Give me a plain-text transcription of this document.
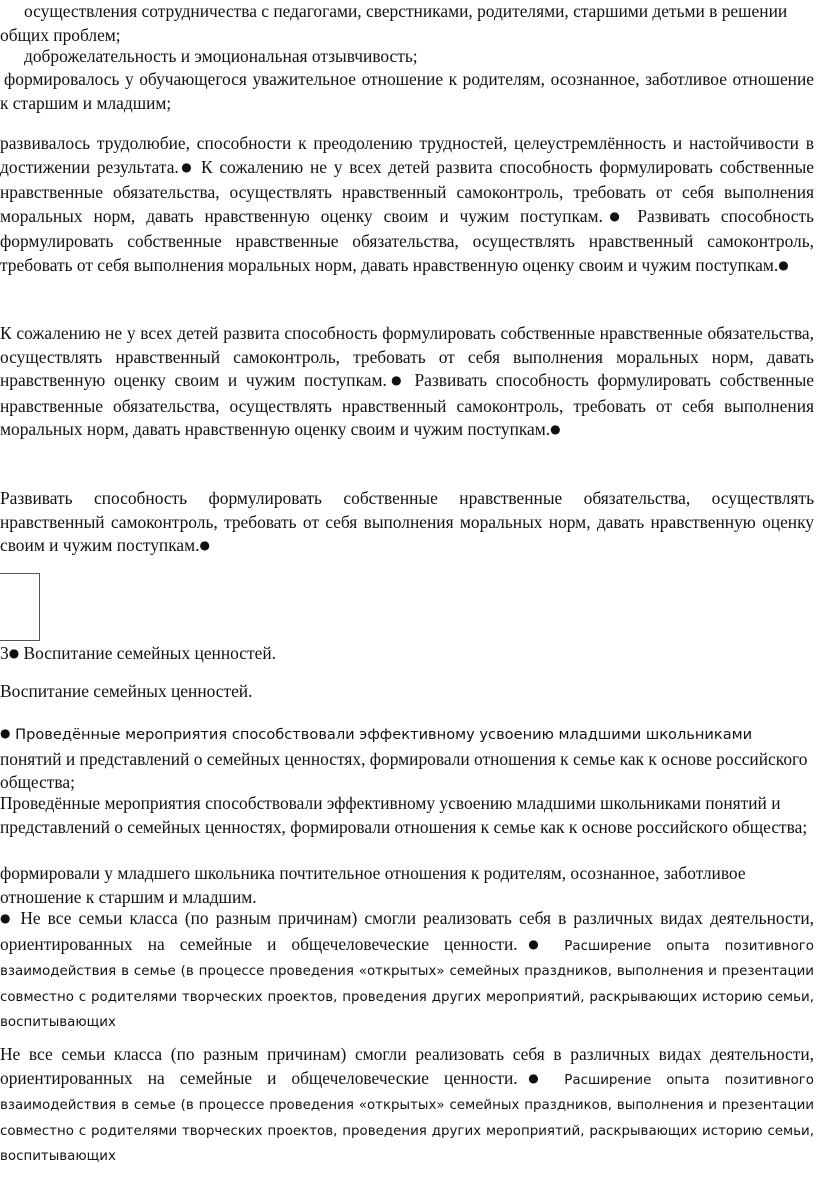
осуществления сотрудничества с педагогами, сверстниками, родителями, старшими детьми в решении общих проблем;

доброжелательность и эмоциональная отзывчивость;

формировалось у обучающегося уважительное отношение к родителям, осознанное, заботливое отношение к старшим и младшим;

развивалось трудолюбие, способности к преодолению трудностей, целеустремлённость и настойчивости в достижении результата.● К сожалению не у всех детей развита способность формулировать собственные нравственные обязательства, осуществлять нравственный самоконтроль, требовать от себя выполнения моральных норм, давать нравственную оценку своим и чужим поступкам.● Развивать способность формулировать собственные нравственные обязательства, осуществлять нравственный самоконтроль, требовать от себя выполнения моральных норм, давать нравственную оценку своим и чужим поступкам.●

К сожалению не у всех детей развита способность формулировать собственные нравственные обязательства, осуществлять нравственный самоконтроль, требовать от себя выполнения моральных норм, давать нравственную оценку своим и чужим поступкам.● Развивать способность формулировать собственные нравственные обязательства, осуществлять нравственный самоконтроль, требовать от себя выполнения моральных норм, давать нравственную оценку своим и чужим поступкам.●

Развивать способность формулировать собственные нравственные обязательства, осуществлять нравственный самоконтроль, требовать от себя выполнения моральных норм, давать нравственную оценку своим и чужим поступкам.●

3● Воспитание семейных ценностей.

Воспитание семейных ценностей.

● Проведённые мероприятия способствовали эффективному усвоению младшими школьниками понятий и представлений о семейных ценностях, формировали отношения к семье как к основе российского общества;

Проведённые мероприятия способствовали эффективному усвоению младшими школьниками понятий и представлений о семейных ценностях, формировали отношения к семье как к основе российского общества;

формировали у младшего школьника почтительное отношения к родителям, осознанное, заботливое отношение к старшим и младшим.

● Не все семьи класса (по разным причинам) смогли реализовать себя в различных видах деятельности, ориентированных на семейные и общечеловеческие ценности.● Расширение опыта позитивного взаимодействия в семье (в процессе проведения «открытых» семейных праздников, выполнения и презентации совместно с родителями творческих проектов, проведения других мероприятий, раскрывающих историю семьи, воспитывающих

Не все семьи класса (по разным причинам) смогли реализовать себя в различных видах деятельности, ориентированных на семейные и общечеловеческие ценности.● Расширение опыта позитивного взаимодействия в семье (в процессе проведения «открытых» семейных праздников, выполнения и презентации совместно с родителями творческих проектов, проведения других мероприятий, раскрывающих историю семьи, воспитывающих
